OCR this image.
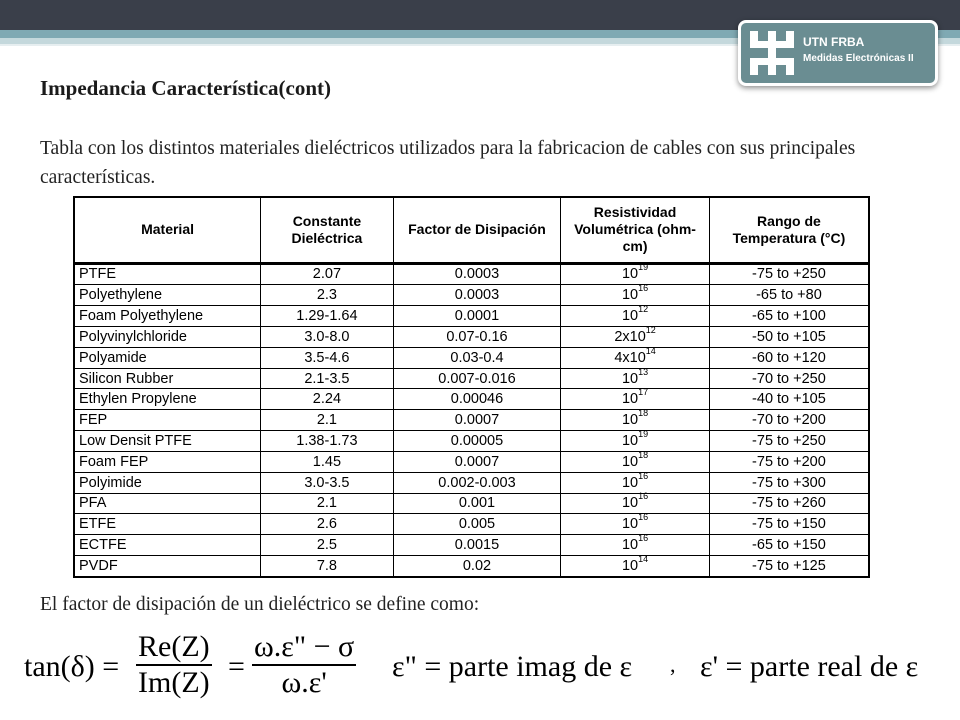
UTN FRBA
Medidas Electrónicas II
Impedancia Característica(cont)
Tabla con los distintos materiales dieléctricos utilizados para la fabricacion de cables con sus principales características.
Material	Constante Dieléctrica	Factor de Disipación	Resistividad Volumétrica (ohm-cm)	Rango de Temperatura (°C)
PTFE	2.07	0.0003	$10^{19}$	-75 to +250
Polyethylene	2.3	0.0003	$10^{16}$	-65 to +80
Foam Polyethylene	1.29-1.64	0.0001	$10^{12}$	-65 to +100
Polyvinylchloride	3.0-8.0	0.07-0.16	$2x10^{12}$	-50 to +105
Polyamide	3.5-4.6	0.03-0.4	$4x10^{14}$	-60 to +120
Silicon Rubber	2.1-3.5	0.007-0.016	$10^{13}$	-70 to +250
Ethylen Propylene	2.24	0.00046	$10^{17}$	-40 to +105
FEP	2.1	0.0007	$10^{18}$	-70 to +200
Low Densit PTFE	1.38-1.73	0.00005	$10^{19}$	-75 to +250
Foam FEP	1.45	0.0007	$10^{18}$	-75 to +200
Polyimide	3.0-3.5	0.002-0.003	$10^{16}$	-75 to +300
PFA	2.1	0.001	$10^{16}$	-75 to +260
ETFE	2.6	0.005	$10^{16}$	-75 to +150
ECTFE	2.5	0.0015	$10^{16}$	-65 to +150
PVDF	7.8	0.02	$10^{14}$	-75 to +125
El factor de disipación de un dieléctrico se define como:
$\tan(\delta) = \frac{Re(Z)}{Im(Z)} = \frac{\omega.\varepsilon" - \sigma}{\omega.\varepsilon'} \varepsilon$" = parte imag de ε , ε' = parte real de ε
